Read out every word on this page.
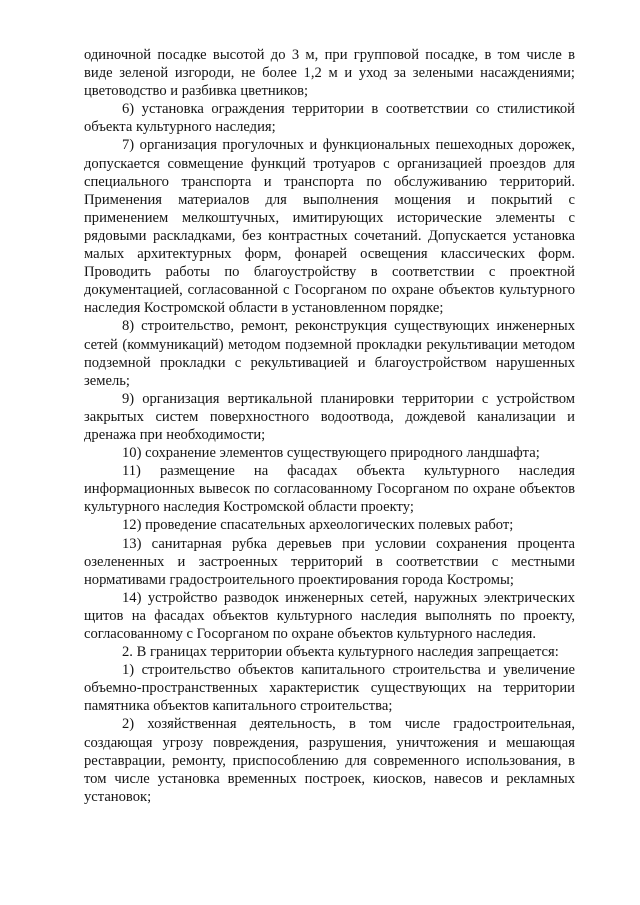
одиночной посадке высотой до 3 м, при групповой посадке, в том числе в виде зеленой изгороди, не более 1,2 м и уход за зелеными насаждениями; цветоводство и разбивка цветников;

6) установка ограждения территории в соответствии со стилистикой объекта культурного наследия;

7) организация прогулочных и функциональных пешеходных дорожек, допускается совмещение функций тротуаров с организацией проездов для специального транспорта и транспорта по обслуживанию территорий. Применения материалов для выполнения мощения и покрытий с применением мелкоштучных, имитирующих исторические элементы с рядовыми раскладками, без контрастных сочетаний. Допускается установка малых архитектурных форм, фонарей освещения классических форм. Проводить работы по благоустройству в соответствии с проектной документацией, согласованной с Госорганом по охране объектов культурного наследия Костромской области в установленном порядке;

8) строительство, ремонт, реконструкция существующих инженерных сетей (коммуникаций) методом подземной прокладки рекультивации методом подземной прокладки с рекультивацией и благоустройством нарушенных земель;

9) организация вертикальной планировки территории с устройством закрытых систем поверхностного водоотвода, дождевой канализации и дренажа при необходимости;

10) сохранение элементов существующего природного ландшафта;

11) размещение на фасадах объекта культурного наследия информационных вывесок по согласованному Госорганом по охране объектов культурного наследия Костромской области проекту;

12) проведение спасательных археологических полевых работ;

13) санитарная рубка деревьев при условии сохранения процента озелененных и застроенных территорий в соответствии с местными нормативами градостроительного проектирования города Костромы;

14) устройство разводок инженерных сетей, наружных электрических щитов на фасадах объектов культурного наследия выполнять по проекту, согласованному с Госорганом по охране объектов культурного наследия.

2. В границах территории объекта культурного наследия запрещается:

1) строительство объектов капитального строительства и увеличение объемно-пространственных характеристик существующих на территории памятника объектов капитального строительства;

2) хозяйственная деятельность, в том числе градостроительная, создающая угрозу повреждения, разрушения, уничтожения и мешающая реставрации, ремонту, приспособлению для современного использования, в том числе установка временных построек, киосков, навесов и рекламных установок;
